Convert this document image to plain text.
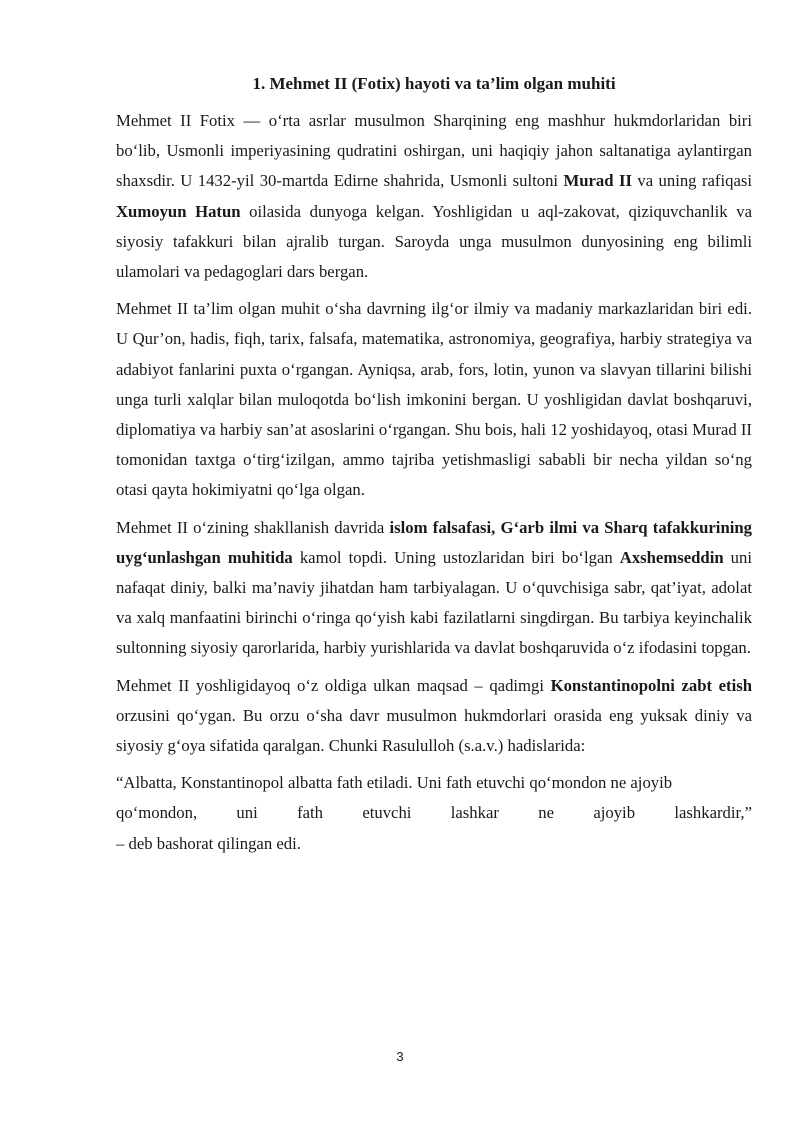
1. Mehmet II (Fotix) hayoti va ta’lim olgan muhiti

Mehmet II Fotix — o‘rta asrlar musulmon Sharqining eng mashhur hukmdorlaridan biri bo‘lib, Usmonli imperiyasining qudratini oshirgan, uni haqiqiy jahon saltanatiga aylantirgan shaxsdir. U 1432-yil 30-martda Edirne shahrida, Usmonli sultoni Murad II va uning rafiqasi Xumoyun Hatun oilasida dunyoga kelgan. Yoshligidan u aql-zakovat, qiziquvchanlik va siyosiy tafakkuri bilan ajralib turgan. Saroyda unga musulmon dunyosining eng bilimli ulamolari va pedagoglari dars bergan.

Mehmet II ta’lim olgan muhit o‘sha davrning ilg‘or ilmiy va madaniy markazlaridan biri edi. U Qur’on, hadis, fiqh, tarix, falsafa, matematika, astronomiya, geografiya, harbiy strategiya va adabiyot fanlarini puxta o‘rgangan. Ayniqsa, arab, fors, lotin, yunon va slavyan tillarini bilishi unga turli xalqlar bilan muloqotda bo‘lish imkonini bergan. U yoshligidan davlat boshqaruvi, diplomatiya va harbiy san’at asoslarini o‘rgangan. Shu bois, hali 12 yoshidayoq, otasi Murad II tomonidan taxtga o‘tirg‘izilgan, ammo tajriba yetishmasligi sababli bir necha yildan so‘ng otasi qayta hokimiyatni qo‘lga olgan.

Mehmet II o‘zining shakllanish davrida islom falsafasi, G‘arb ilmi va Sharq tafakkurining uyg‘unlashgan muhitida kamol topdi. Uning ustozlaridan biri bo‘lgan Axshemseddin uni nafaqat diniy, balki ma’naviy jihatdan ham tarbiyalagan. U o‘quvchisiga sabr, qat’iyat, adolat va xalq manfaatini birinchi o‘ringa qo‘yish kabi fazilatlarni singdirgan. Bu tarbiya keyinchalik sultonning siyosiy qarorlarida, harbiy yurishlarida va davlat boshqaruvida o‘z ifodasini topgan.

Mehmet II yoshligidayoq o‘z oldiga ulkan maqsad – qadimgi Konstantinopolni zabt etish orzusini qo‘ygan. Bu orzu o‘sha davr musulmon hukmdorlari orasida eng yuksak diniy va siyosiy g‘oya sifatida qaralgan. Chunki Rasululloh (s.a.v.) hadislarida:

“Albatta, Konstantinopol albatta fath etiladi. Uni fath etuvchi qo‘mondon ne ajoyib
qo‘mondon, uni fath etuvchi lashkar ne ajoyib lashkardir,”
– deb bashorat qilingan edi.
3
